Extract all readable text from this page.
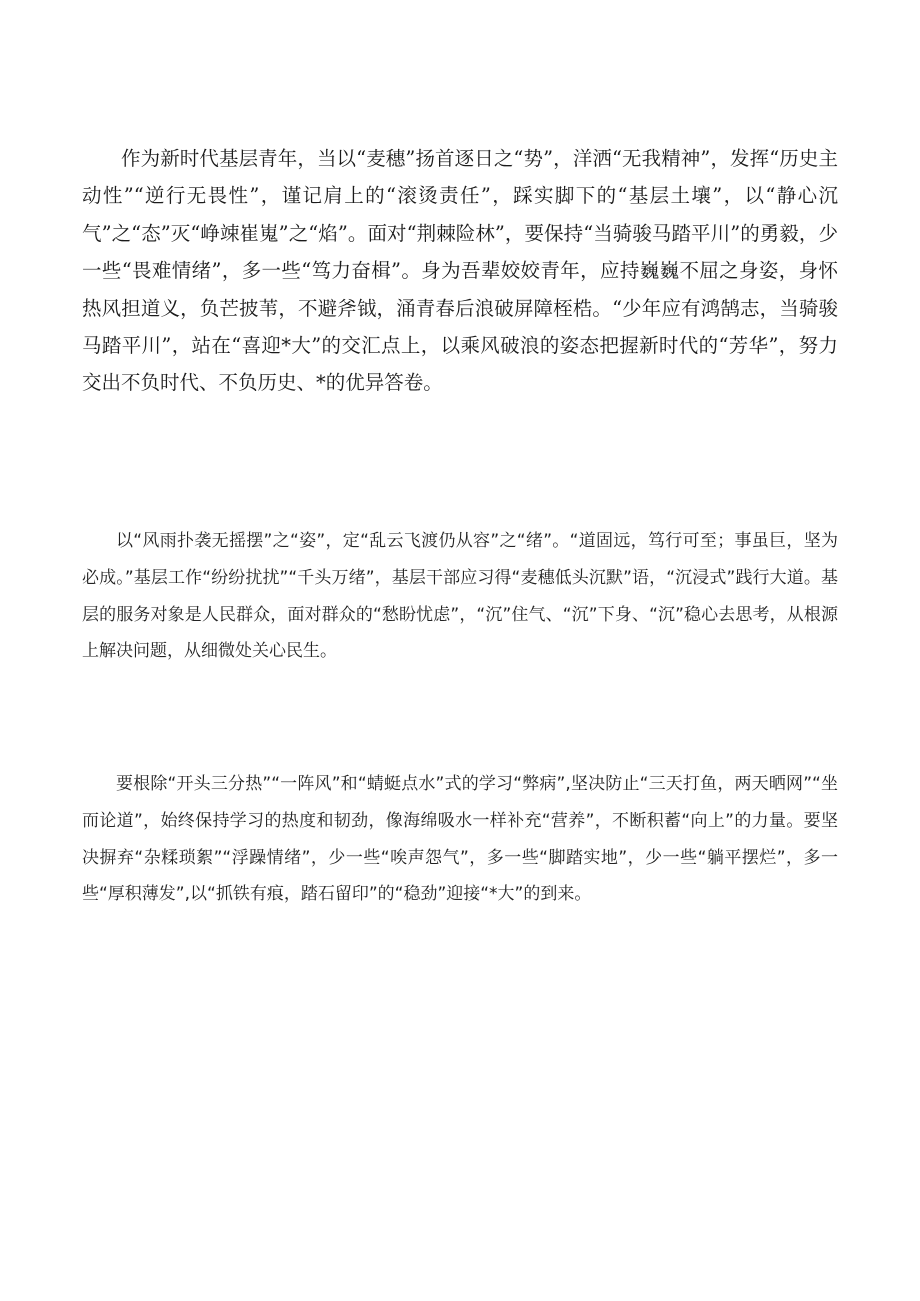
作为新时代基层青年，当以“麦穗”扬首逐日之“势”，洋洒“无我精神”，发挥“历史主动性”“逆行无畏性”，谨记肩上的“滚烫责任”，踩实脚下的“基层土壤”，以“静心沉气”之“态”灭“峥竦崔嵬”之“焰”。面对“荆棘险林”，要保持“当骑骏马踏平川”的勇毅，少一些“畏难情绪”，多一些“笃力奋楫”。身为吾辈姣姣青年，应持巍巍不屈之身姿，身怀热风担道义，负芒披苇，不避斧钺，涌青春后浪破屏障桎梏。“少年应有鸿鹄志，当骑骏马踏平川”，站在“喜迎*大”的交汇点上，以乘风破浪的姿态把握新时代的“芳华”，努力交出不负时代、不负历史、*的优异答卷。

以“风雨扑袭无摇摆”之“姿”，定“乱云飞渡仍从容”之“绪”。“道固远，笃行可至；事虽巨，坚为必成。”基层工作“纷纷扰扰”“千头万绪”，基层干部应习得“麦穗低头沉默”语，“沉浸式”践行大道。基层的服务对象是人民群众，面对群众的“愁盼忧虑”，“沉”住气、“沉”下身、“沉”稳心去思考，从根源上解决问题，从细微处关心民生。

要根除“开头三分热”“一阵风”和“蜻蜓点水”式的学习“弊病”,坚决防止“三天打鱼，两天晒网”“坐而论道”，始终保持学习的热度和韧劲，像海绵吸水一样补充“营养”，不断积蓄“向上”的力量。要坚决摒弃“杂糅琐絮”“浮躁情绪”，少一些“唉声怨气”，多一些“脚踏实地”，少一些“躺平摆烂”，多一些“厚积薄发”,以“抓铁有痕，踏石留印”的“稳劲”迎接“*大”的到来。
